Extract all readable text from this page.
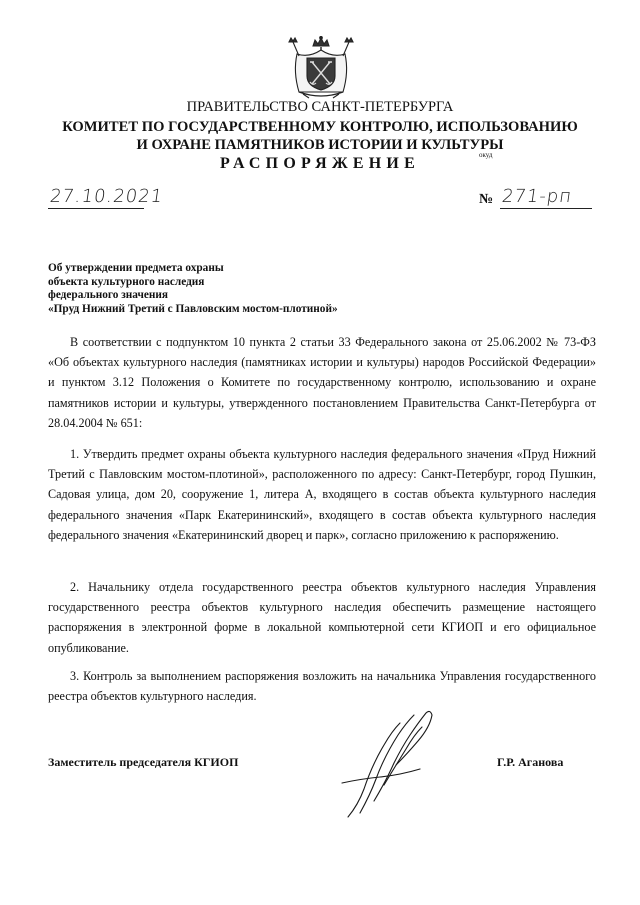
ПРАВИТЕЛЬСТВО САНКТ-ПЕТЕРБУРГА
КОМИТЕТ ПО ГОСУДАРСТВЕННОМУ КОНТРОЛЮ, ИСПОЛЬЗОВАНИЮ
И ОХРАНЕ ПАМЯТНИКОВ ИСТОРИИ И КУЛЬТУРЫ
РАСПОРЯЖЕНИЕ	окуд
27.10.2021	№ 271-рп
Об утверждении предмета охраны
объекта культурного наследия
федерального значения
«Пруд Нижний Третий с Павловским мостом-плотиной»

В соответствии с подпунктом 10 пункта 2 статьи 33 Федерального закона от 25.06.2002 № 73-ФЗ «Об объектах культурного наследия (памятниках истории и культуры) народов Российской Федерации» и пунктом 3.12 Положения о Комитете по государственному контролю, использованию и охране памятников истории и культуры, утвержденного постановлением Правительства Санкт-Петербурга от 28.04.2004 № 651:

1. Утвердить предмет охраны объекта культурного наследия федерального значения «Пруд Нижний Третий с Павловским мостом-плотиной», расположенного по адресу: Санкт-Петербург, город Пушкин, Садовая улица, дом 20, сооружение 1, литера А, входящего в состав объекта культурного наследия федерального значения «Парк Екатерининский», входящего в состав объекта культурного наследия федерального значения «Екатерининский дворец и парк», согласно приложению к распоряжению.

2. Начальнику отдела государственного реестра объектов культурного наследия Управления государственного реестра объектов культурного наследия обеспечить размещение настоящего распоряжения в электронной форме в локальной компьютерной сети КГИОП и его официальное опубликование.

3. Контроль за выполнением распоряжения возложить на начальника Управления государственного реестра объектов культурного наследия.

Заместитель председателя КГИОП	Г.Р. Аганова
